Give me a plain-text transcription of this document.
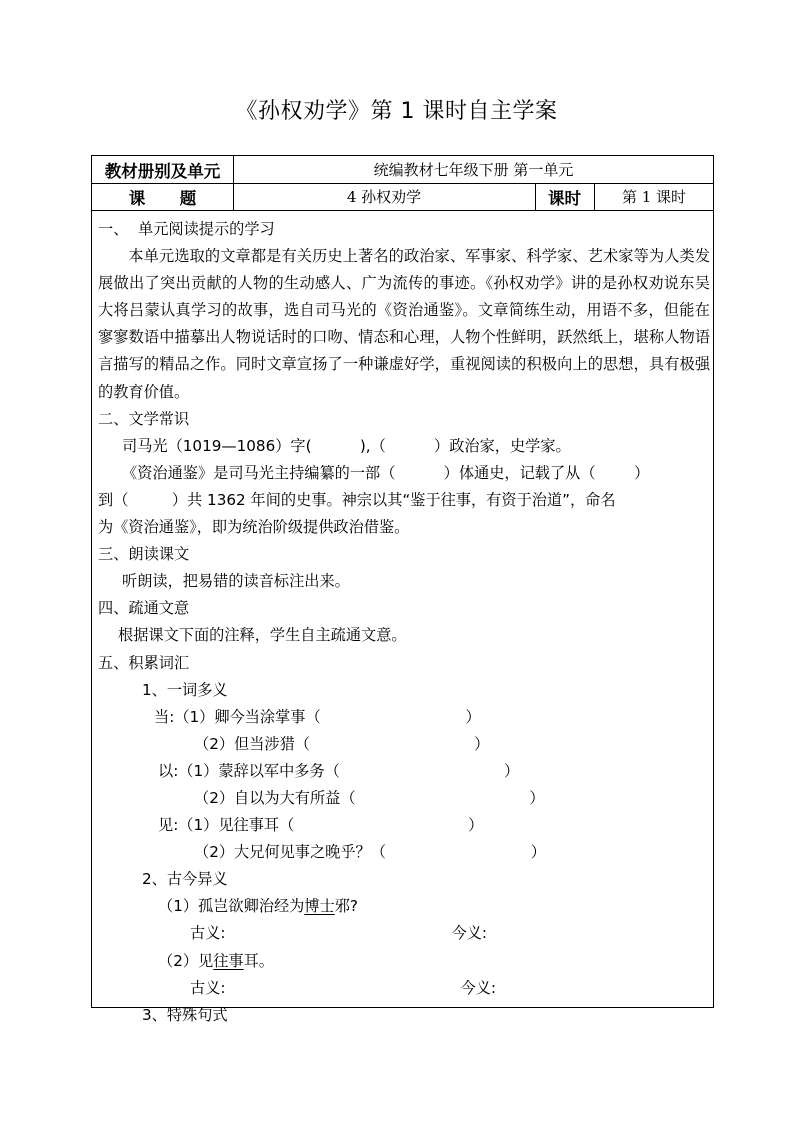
《孙权劝学》第 1 课时自主学案
教材册别及单元	统编教材七年级下册 第一单元
课      题	4 孙权劝学	课时	第 1 课时
一、  单元阅读提示的学习
本单元选取的文章都是有关历史上著名的政治家、军事家、科学家、艺术家等为人类发展做出了突出贡献的人物的生动感人、广为流传的事迹。《孙权劝学》讲的是孙权劝说东吴大将吕蒙认真学习的故事，选自司马光的《资治通鉴》。文章简练生动，用语不多，但能在寥寥数语中描摹出人物说话时的口吻、情态和心理，人物个性鲜明，跃然纸上，堪称人物语言描写的精品之作。同时文章宣扬了一种谦虚好学，重视阅读的积极向上的思想，具有极强的教育价值。
二、文学常识
司马光（1019—1086）字(          ),（          ）政治家，史学家。
《资治通鉴》是司马光主持编纂的一部（          ）体通史，记载了从（        ）
到（         ）共 1362 年间的史事。神宗以其“鉴于往事，有资于治道”，命名
为《资治通鉴》，即为统治阶级提供政治借鉴。
三、朗读课文
听朗读，把易错的读音标注出来。
四、疏通文意
根据课文下面的注释，学生自主疏通文意。
五、积累词汇
1、一词多义
当:（1）卿今当涂掌事（                              ）
（2）但当涉猎（                                  ）
以:（1）蒙辞以军中多务（                                  ）
（2）自以为大有所益（                                    ）
见:（1）见往事耳（                                    ）
（2）大兄何见事之晚乎？（                              ）
2、古今异义
（1）孤岂欲卿治经为博士邪?
古义:	今义:
（2）见往事耳。
古义:	今义:
3、特殊句式
